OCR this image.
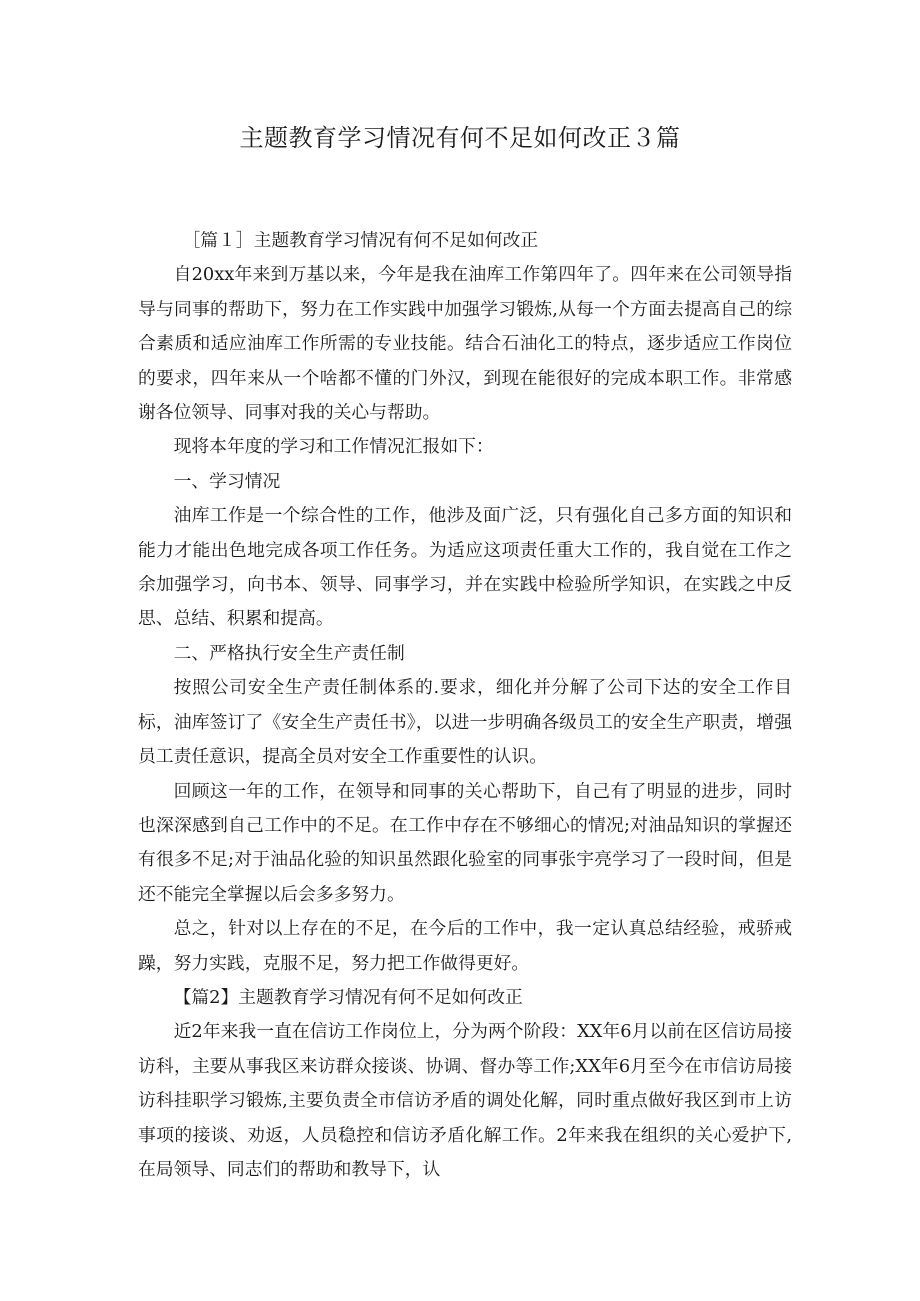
主题教育学习情况有何不足如何改正３篇

［篇１］主题教育学习情况有何不足如何改正

自20xx年来到万基以来，今年是我在油库工作第四年了。四年来在公司领导指导与同事的帮助下，努力在工作实践中加强学习锻炼,从每一个方面去提高自己的综合素质和适应油库工作所需的专业技能。结合石油化工的特点，逐步适应工作岗位的要求，四年来从一个啥都不懂的门外汉，到现在能很好的完成本职工作。非常感谢各位领导、同事对我的关心与帮助。

现将本年度的学习和工作情况汇报如下：

一、学习情况

油库工作是一个综合性的工作，他涉及面广泛，只有强化自己多方面的知识和能力才能出色地完成各项工作任务。为适应这项责任重大工作的，我自觉在工作之余加强学习，向书本、领导、同事学习，并在实践中检验所学知识，在实践之中反思、总结、积累和提高。

二、严格执行安全生产责任制

按照公司安全生产责任制体系的.要求，细化并分解了公司下达的安全工作目标，油库签订了《安全生产责任书》，以进一步明确各级员工的安全生产职责，增强员工责任意识，提高全员对安全工作重要性的认识。

回顾这一年的工作，在领导和同事的关心帮助下，自己有了明显的进步，同时也深深感到自己工作中的不足。在工作中存在不够细心的情况;对油品知识的掌握还有很多不足;对于油品化验的知识虽然跟化验室的同事张宇亮学习了一段时间，但是还不能完全掌握以后会多多努力。

总之，针对以上存在的不足，在今后的工作中，我一定认真总结经验，戒骄戒躁，努力实践，克服不足，努力把工作做得更好。

【篇2】主题教育学习情况有何不足如何改正

近2年来我一直在信访工作岗位上，分为两个阶段：XX年6月以前在区信访局接访科，主要从事我区来访群众接谈、协调、督办等工作;XX年6月至今在市信访局接访科挂职学习锻炼,主要负责全市信访矛盾的调处化解，同时重点做好我区到市上访事项的接谈、劝返，人员稳控和信访矛盾化解工作。2年来我在组织的关心爱护下,在局领导、同志们的帮助和教导下，认
